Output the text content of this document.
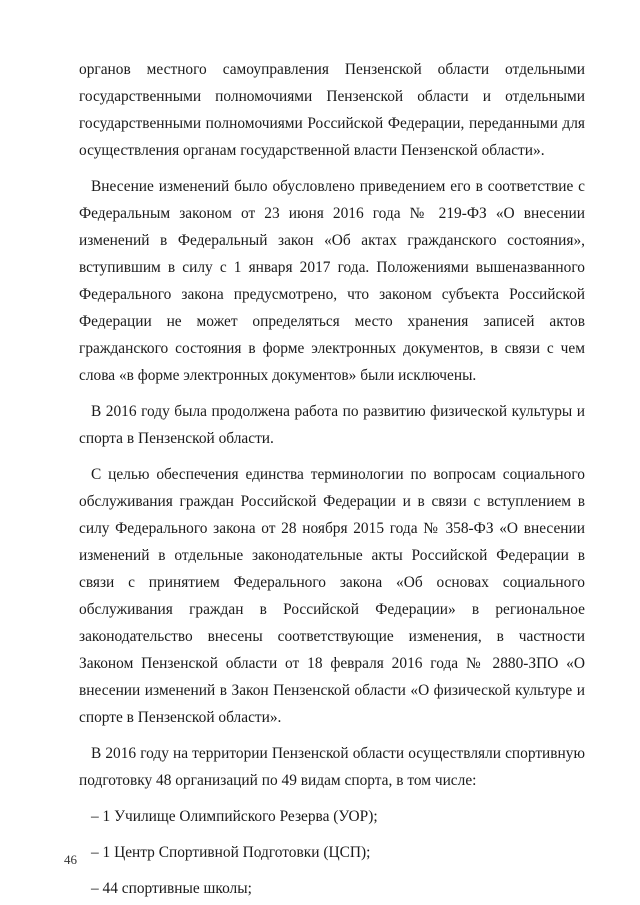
органов местного самоуправления Пензенской области отдельными государственными полномочиями Пензенской области и отдельными государственными полномочиями Российской Федерации, переданными для осуществления органам государственной власти Пензенской области».

Внесение изменений было обусловлено приведением его в соответствие с Федеральным законом от 23 июня 2016 года № 219-ФЗ «О внесении изменений в Федеральный закон «Об актах гражданского состояния», вступившим в силу с 1 января 2017 года. Положениями вышеназванного Федерального закона предусмотрено, что законом субъекта Российской Федерации не может определяться место хранения записей актов гражданского состояния в форме электронных документов, в связи с чем слова «в форме электронных документов» были исключены.

В 2016 году была продолжена работа по развитию физической культуры и спорта в Пензенской области.

С целью обеспечения единства терминологии по вопросам социального обслуживания граждан Российской Федерации и в связи с вступлением в силу Федерального закона от 28 ноября 2015 года № 358-ФЗ «О внесении изменений в отдельные законодательные акты Российской Федерации в связи с принятием Федерального закона «Об основах социального обслуживания граждан в Российской Федерации» в региональное законодательство внесены соответствующие изменения, в частности Законом Пензенской области от 18 февраля 2016 года № 2880-ЗПО «О внесении изменений в Закон Пензенской области «О физической культуре и спорте в Пензенской области».

В 2016 году на территории Пензенской области осуществляли спортивную подготовку 48 организаций по 49 видам спорта, в том числе:

– 1 Училище Олимпийского Резерва (УОР);

– 1 Центр Спортивной Подготовки (ЦСП);

– 44 спортивные школы;

46
